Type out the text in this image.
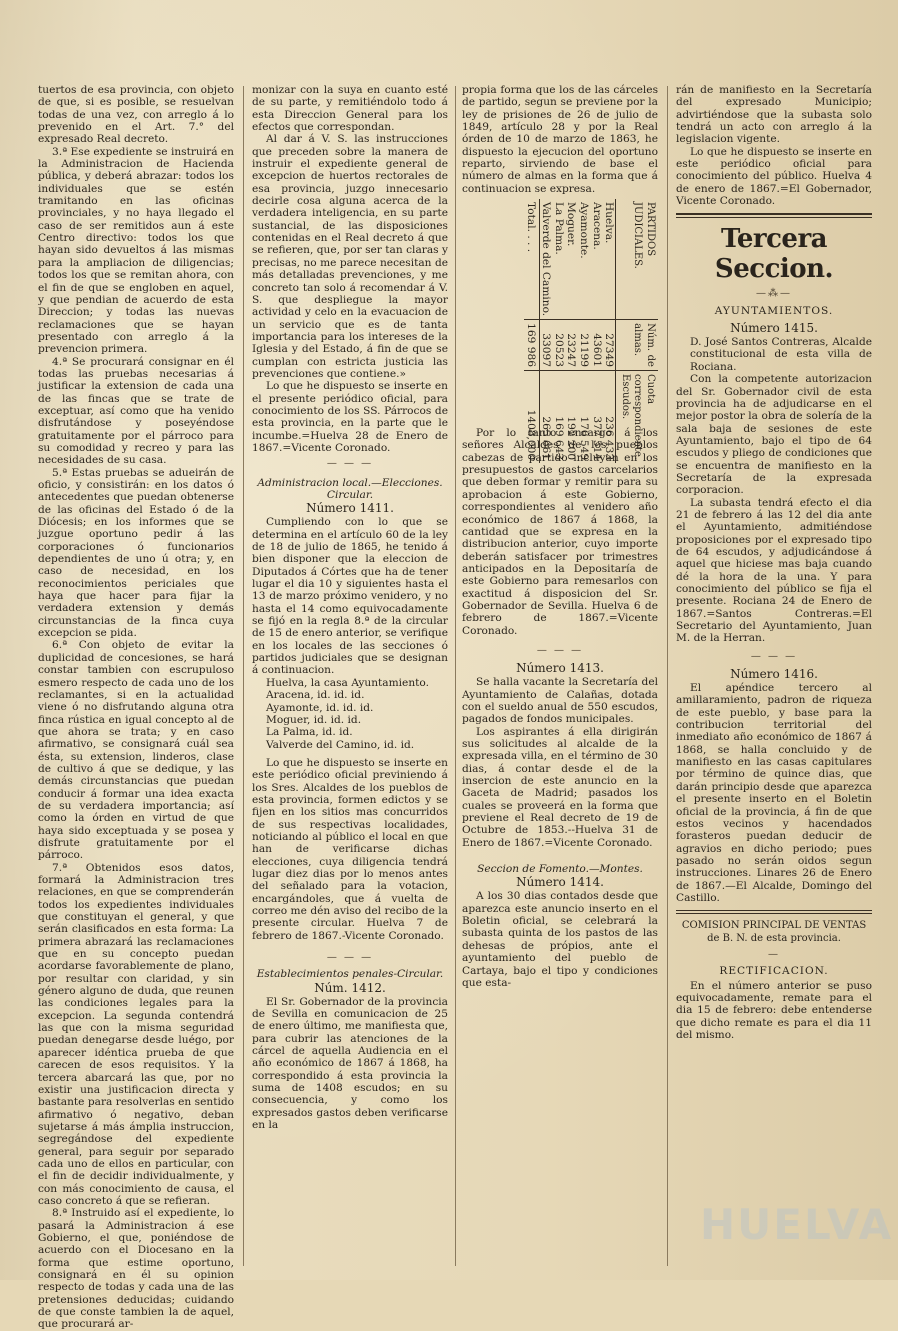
tuertos de esa provincia, con objeto de que, si es posible, se resuelvan todas de una vez, con arreglo á lo prevenido en el Art. 7.° del expresado Real decreto.

3.ª Ese expediente se instruirá en la Administracion de Hacienda pública, y deberá abrazar: todos los individuales que se estén tramitando en las oficinas provinciales, y no haya llegado el caso de ser remitidos aun á este Centro directivo: todos los que hayan sido devueltos á las mismas para la ampliacion de diligencias; todos los que se remitan ahora, con el fin de que se engloben en aquel, y que pendian de acuerdo de esta Direccion; y todas las nuevas reclamaciones que se hayan presentado con arreglo á la prevencion primera.

4.ª Se procurará consignar en él todas las pruebas necesarias á justificar la extension de cada una de las fincas que se trate de exceptuar, así como que ha venido disfrutándose y poseyéndose gratuitamente por el párroco para su comodidad y recreo y para las necesidades de su casa.

5.ª Estas pruebas se adueirán de oficio, y consistirán: en los datos ó antecedentes que puedan obtenerse de las oficinas del Estado ó de la Diócesis; en los informes que se juzgue oportuno pedir á las corporaciones ó funcionarios dependientes de uno ú otra; y, en caso de necesidad, en los reconocimientos periciales que haya que hacer para fijar la verdadera extension y demás circunstancias de la finca cuya excepcion se pida.

6.ª Con objeto de evitar la duplicidad de concesiones, se hará constar tambien con escrupuloso esmero respecto de cada uno de los reclamantes, si en la actualidad viene ó no disfrutando alguna otra finca rústica en igual concepto al de que ahora se trata; y en caso afirmativo, se consignará cuál sea ésta, su extension, linderos, clase de cultivo á que se dedique, y las demás circunstancias que puedan conducir á formar una idea exacta de su verdadera importancia; así como la órden en virtud de que haya sido exceptuada y se posea y disfrute gratuitamente por el párroco.

7.ª Obtenidos esos datos, formará la Administracion tres relaciones, en que se comprenderán todos los expedientes individuales que constituyan el general, y que serán clasificados en esta forma: La primera abrazará las reclamaciones que en su concepto puedan acordarse favorablemente de plano, por resultar con claridad, y sin género alguno de duda, que reunen las condiciones legales para la excepcion. La segunda contendrá las que con la misma seguridad puedan denegarse desde luégo, por aparecer idéntica prueba de que carecen de esos requisitos. Y la tercera abarcará las que, por no existir una justificacion directa y bastante para resolverlas en sentido afirmativo ó negativo, deban sujetarse á más ámplia instruccion, segregándose del expediente general, para seguir por separado cada uno de ellos en particular, con el fin de decidir individualmente, y con más conocimiento de causa, el caso concreto á que se refieran.

8.ª Instruido así el expediente, lo pasará la Administracion á ese Gobierno, el que, poniéndose de acuerdo con el Diocesano en la forma que estime oportuno, consignará en él su opinion respecto de todas y cada una de las pretensiones deducidas; cuidando de que conste tambien la de aquel, que procurará ar-

monizar con la suya en cuanto esté de su parte, y remitiéndolo todo á esta Direccion General para los efectos que correspondan.

Al dar á V. S. las instrucciones que preceden sobre la manera de instruir el expediente general de excepcion de huertos rectorales de esa provincia, juzgo innecesario decirle cosa alguna acerca de la verdadera inteligencia, en su parte sustancial, de las disposiciones contenidas en el Real decreto á que se refieren, que, por ser tan claras y precisas, no me parece necesitan de más detalladas prevenciones, y me concreto tan solo á recomendar á V. S. que despliegue la mayor actividad y celo en la evacuacion de un servicio que es de tanta importancia para los intereses de la Iglesia y del Estado, á fin de que se cumplan con estricta justicia las prevenciones que contiene.»

Lo que he dispuesto se inserte en el presente periódico oficial, para conocimiento de los SS. Párrocos de esta provincia, en la parte que le incumbe.=Huelva 28 de Enero de 1867.=Vicente Coronado.

— — —

Administracion local.—Elecciones. Circular.

Número 1411.

Cumpliendo con lo que se determina en el artículo 60 de la ley de 18 de julio de 1865, he tenido á bien disponer que la eleccion de Diputados á Córtes que ha de tener lugar el dia 10 y siguientes hasta el 13 de marzo próximo venidero, y no hasta el 14 como equivocadamente se fijó en la regla 8.ª de la circular de 15 de enero anterior, se verifique en los locales de las secciones ó partidos judiciales que se designan á continuacion.

Huelva, la casa Ayuntamiento.
Aracena, id. id. id.
Ayamonte, id. id. id.
Moguer, id. id. id.
La Palma, id. id.
Valverde del Camino, id. id.

Lo que he dispuesto se inserte en este periódico oficial previniendo á los Sres. Alcaldes de los pueblos de esta provincia, formen edictos y se fijen en los sitios mas concurridos de sus respectivas localidades, noticiando al público el local en que han de verificarse dichas elecciones, cuya diligencia tendrá lugar diez dias por lo menos antes del señalado para la votacion, encargándoles, que á vuelta de correo me dén aviso del recibo de la presente circular. Huelva 7 de febrero de 1867.-Vicente Coronado.

— — —

Establecimientos penales-Circular.

Núm. 1412.

El Sr. Gobernador de la provincia de Sevilla en comunicacion de 25 de enero último, me manifiesta que, para cubrir las atenciones de la cárcel de aquella Audiencia en el año económico de 1867 á 1868, ha correspondido á esta provincia la suma de 1408 escudos; en su consecuencia, y como los expresados gastos deben verificarse en la

propia forma que los de las cárceles de partido, segun se previene por la ley de prisiones de 26 de julio de 1849, artículo 28 y por la Real órden de 10 de marzo de 1863, he dispuesto la ejecucion del oportuno reparto, sirviendo de base el número de almas en la forma que á continuacion se expresa.

PARTIDOS JUDICIALES.	Núm. de almas.	Cuota correspondiente. Escudos.
Huelva.	27349	236 433
Aracena.	43601	377 514
Ayamonte.	21199	176 549
Moguer.	23247	192 200
La Palma.	20523	169 643
Valverde del Camino.	33097	265 661
Total. . . .	169 986	1408,000

Por lo tanto encargo á los señores Alcaldes de los pueblos cabezas de partido incluyan en los presupuestos de gastos carcelarios que deben formar y remitir para su aprobacion á este Gobierno, correspondientes al venidero año económico de 1867 á 1868, la cantidad que se expresa en la distribucion anterior, cuyo importe deberán satisfacer por trimestres anticipados en la Depositaría de este Gobierno para remesarlos con exactitud á disposicion del Sr. Gobernador de Sevilla. Huelva 6 de febrero de 1867.=Vicente Coronado.

— — —

Número 1413.

Se halla vacante la Secretaría del Ayuntamiento de Calañas, dotada con el sueldo anual de 550 escudos, pagados de fondos municipales.

Los aspirantes á ella dirigirán sus solicitudes al alcalde de la expresada villa, en el término de 30 dias, á contar desde el de la insercion de este anuncio en la Gaceta de Madrid; pasados los cuales se proveerá en la forma que previene el Real decreto de 19 de Octubre de 1853.--Huelva 31 de Enero de 1867.=Vicente Coronado.

Seccion de Fomento.—Montes.

Número 1414.

A los 30 dias contados desde que aparezca este anuncio inserto en el Boletin oficial, se celebrará la subasta quinta de los pastos de las dehesas de própios, ante el ayuntamiento del pueblo de Cartaya, bajo el tipo y condiciones que esta-

rán de manifiesto en la Secretaría del expresado Municipio; advirtiéndose que la subasta solo tendrá un acto con arreglo á la legislacion vigente.

Lo que he dispuesto se inserte en este periódico oficial para conocimiento del público. Huelva 4 de enero de 1867.=El Gobernador, Vicente Coronado.

Tercera Seccion.
—⁂—

AYUNTAMIENTOS.

Número 1415.

D. José Santos Contreras, Alcalde constitucional de esta villa de Rociana.

Con la competente autorizacion del Sr. Gobernador civil de esta provincia ha de adjudicarse en el mejor postor la obra de solería de la sala baja de sesiones de este Ayuntamiento, bajo el tipo de 64 escudos y pliego de condiciones que se encuentra de manifiesto en la Secretaría de la expresada corporacion.

La subasta tendrá efecto el dia 21 de febrero á las 12 del dia ante el Ayuntamiento, admitiéndose proposiciones por el expresado tipo de 64 escudos, y adjudicándose á aquel que hiciese mas baja cuando dé la hora de la una. Y para conocimiento del público se fija el presente. Rociana 24 de Enero de 1867.=Santos Contreras.=El Secretario del Ayuntamiento, Juan M. de la Herran.

— — —

Número 1416.

El apéndice tercero al amillaramiento, padron de riqueza de este pueblo, y base para la contribucion territorial del inmediato año económico de 1867 á 1868, se halla concluido y de manifiesto en las casas capitulares por término de quince dias, que darán principio desde que aparezca el presente inserto en el Boletin oficial de la provincia, á fin de que estos vecinos y hacendados forasteros puedan deducir de agravios en dicho periodo; pues pasado no serán oidos segun instrucciones. Linares 26 de Enero de 1867.—El Alcalde, Domingo del Castillo.

COMISION PRINCIPAL DE VENTAS de B. N. de esta provincia.

—

RECTIFICACION.

En el número anterior se puso equivocadamente, remate para el dia 15 de febrero: debe entenderse que dicho remate es para el dia 11 del mismo.

HUELVA
